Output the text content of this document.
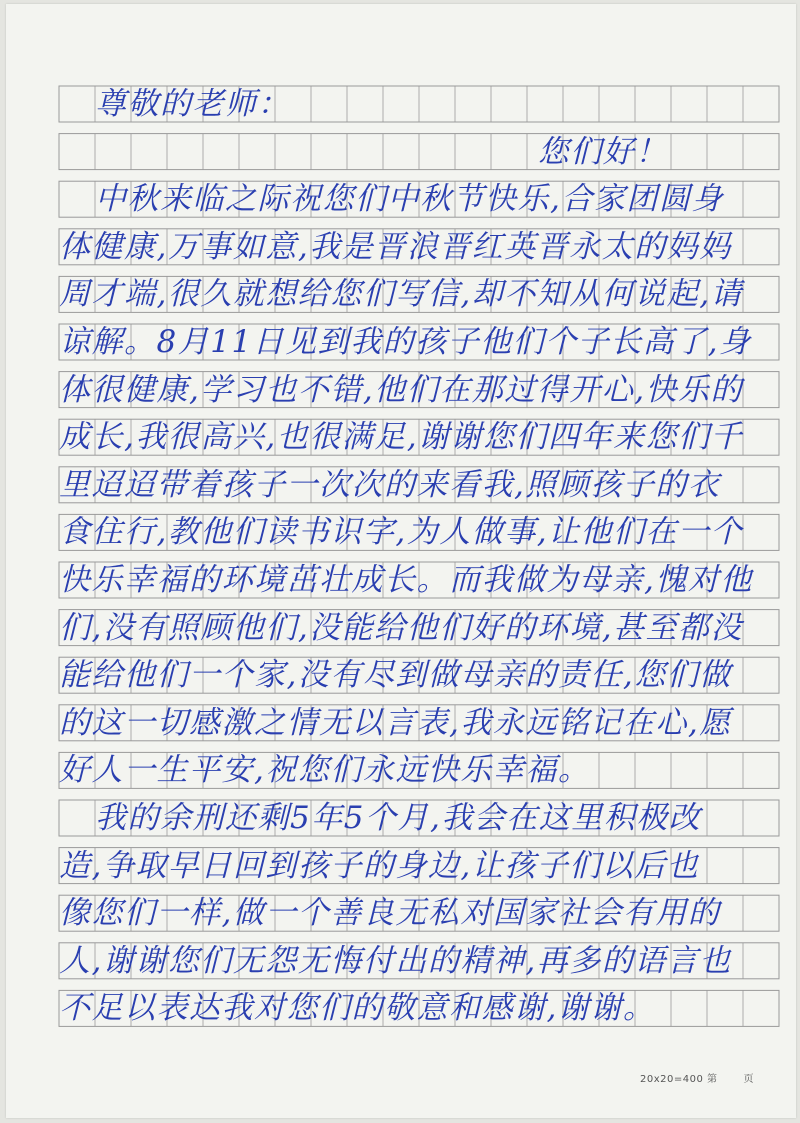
尊敬的老师：
您们好！
中秋来临之际祝您们中秋节快乐,合家团圆身
体健康,万事如意,我是晋浪晋红英晋永太的妈妈
周才端,很久就想给您们写信,却不知从何说起,请
谅解。8月11日见到我的孩子他们个子长高了,身
体很健康,学习也不错,他们在那过得开心,快乐的
成长,我很高兴,也很满足,谢谢您们四年来您们千
里迢迢带着孩子一次次的来看我,照顾孩子的衣
食住行,教他们读书识字,为人做事,让他们在一个
快乐幸福的环境茁壮成长。而我做为母亲,愧对他
们,没有照顾他们,没能给他们好的环境,甚至都没
能给他们一个家,没有尽到做母亲的责任,您们做
的这一切感激之情无以言表,我永远铭记在心,愿
好人一生平安,祝您们永远快乐幸福。
我的余刑还剩5年5个月,我会在这里积极改
造,争取早日回到孩子的身边,让孩子们以后也
像您们一样,做一个善良无私对国家社会有用的
人,谢谢您们无怨无悔付出的精神,再多的语言也
不足以表达我对您们的敬意和感谢,谢谢。
20x20=400 第	页
